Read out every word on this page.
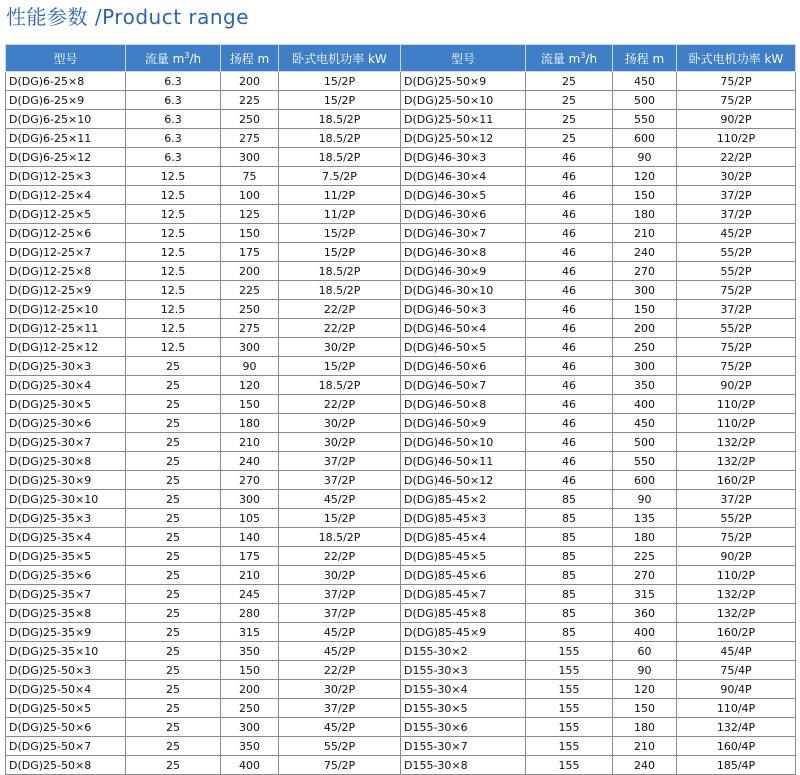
性能参数 /Product range
型号	流量 $m^3/h$	扬程 m	卧式电机功率 kW	型号	流量 $m^3/h$	扬程 m	卧式电机功率 kW
D(DG)6-25×8	6.3	200	15/2P	D(DG)25-50×9	25	450	75/2P
D(DG)6-25×9	6.3	225	15/2P	D(DG)25-50×10	25	500	75/2P
D(DG)6-25×10	6.3	250	18.5/2P	D(DG)25-50×11	25	550	90/2P
D(DG)6-25×11	6.3	275	18.5/2P	D(DG)25-50×12	25	600	110/2P
D(DG)6-25×12	6.3	300	18.5/2P	D(DG)46-30×3	46	90	22/2P
D(DG)12-25×3	12.5	75	7.5/2P	D(DG)46-30×4	46	120	30/2P
D(DG)12-25×4	12.5	100	11/2P	D(DG)46-30×5	46	150	37/2P
D(DG)12-25×5	12.5	125	11/2P	D(DG)46-30×6	46	180	37/2P
D(DG)12-25×6	12.5	150	15/2P	D(DG)46-30×7	46	210	45/2P
D(DG)12-25×7	12.5	175	15/2P	D(DG)46-30×8	46	240	55/2P
D(DG)12-25×8	12.5	200	18.5/2P	D(DG)46-30×9	46	270	55/2P
D(DG)12-25×9	12.5	225	18.5/2P	D(DG)46-30×10	46	300	75/2P
D(DG)12-25×10	12.5	250	22/2P	D(DG)46-50×3	46	150	37/2P
D(DG)12-25×11	12.5	275	22/2P	D(DG)46-50×4	46	200	55/2P
D(DG)12-25×12	12.5	300	30/2P	D(DG)46-50×5	46	250	75/2P
D(DG)25-30×3	25	90	15/2P	D(DG)46-50×6	46	300	75/2P
D(DG)25-30×4	25	120	18.5/2P	D(DG)46-50×7	46	350	90/2P
D(DG)25-30×5	25	150	22/2P	D(DG)46-50×8	46	400	110/2P
D(DG)25-30×6	25	180	30/2P	D(DG)46-50×9	46	450	110/2P
D(DG)25-30×7	25	210	30/2P	D(DG)46-50×10	46	500	132/2P
D(DG)25-30×8	25	240	37/2P	D(DG)46-50×11	46	550	132/2P
D(DG)25-30×9	25	270	37/2P	D(DG)46-50×12	46	600	160/2P
D(DG)25-30×10	25	300	45/2P	D(DG)85-45×2	85	90	37/2P
D(DG)25-35×3	25	105	15/2P	D(DG)85-45×3	85	135	55/2P
D(DG)25-35×4	25	140	18.5/2P	D(DG)85-45×4	85	180	75/2P
D(DG)25-35×5	25	175	22/2P	D(DG)85-45×5	85	225	90/2P
D(DG)25-35×6	25	210	30/2P	D(DG)85-45×6	85	270	110/2P
D(DG)25-35×7	25	245	37/2P	D(DG)85-45×7	85	315	132/2P
D(DG)25-35×8	25	280	37/2P	D(DG)85-45×8	85	360	132/2P
D(DG)25-35×9	25	315	45/2P	D(DG)85-45×9	85	400	160/2P
D(DG)25-35×10	25	350	45/2P	D155-30×2	155	60	45/4P
D(DG)25-50×3	25	150	22/2P	D155-30×3	155	90	75/4P
D(DG)25-50×4	25	200	30/2P	D155-30×4	155	120	90/4P
D(DG)25-50×5	25	250	37/2P	D155-30×5	155	150	110/4P
D(DG)25-50×6	25	300	45/2P	D155-30×6	155	180	132/4P
D(DG)25-50×7	25	350	55/2P	D155-30×7	155	210	160/4P
D(DG)25-50×8	25	400	75/2P	D155-30×8	155	240	185/4P
